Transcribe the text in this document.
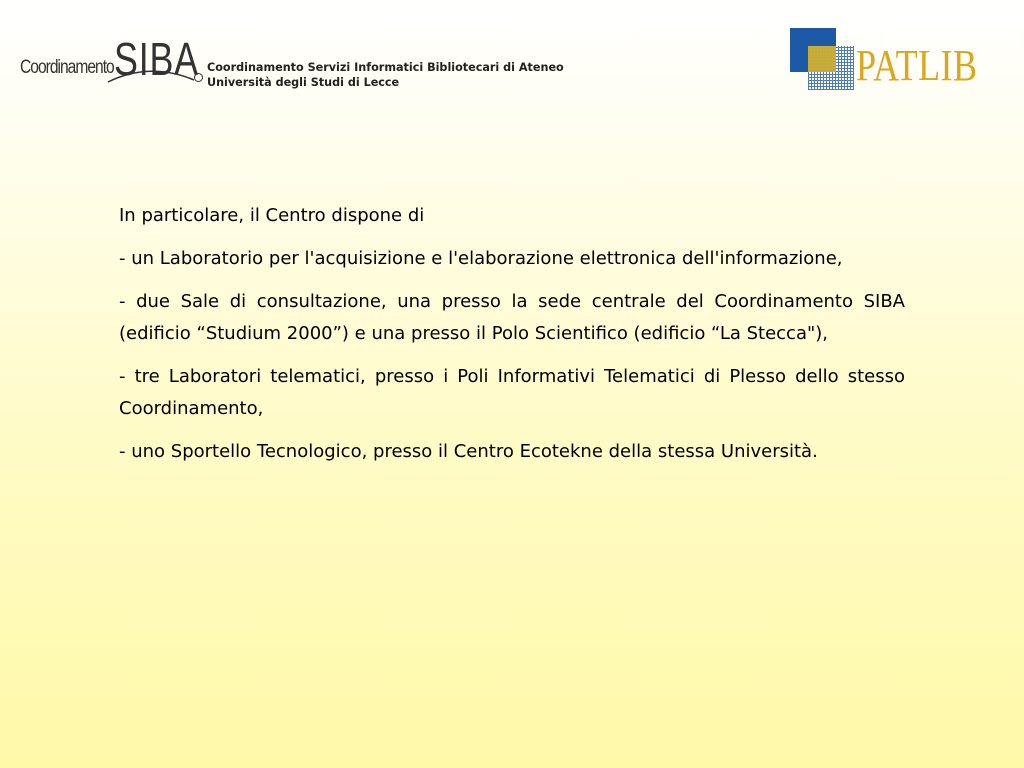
Coordinamento SIBA Coordinamento Servizi Informatici Bibliotecari di Ateneo
Università degli Studi di Lecce	PATLIB

In particolare, il Centro dispone di

- un Laboratorio per l'acquisizione e l'elaborazione elettronica dell'informazione,

- due Sale di consultazione, una presso la sede centrale del Coordinamento SIBA (edificio “Studium 2000”) e una presso il Polo Scientifico (edificio “La Stecca"),

- tre Laboratori telematici, presso i Poli Informativi Telematici di Plesso dello stesso Coordinamento,

- uno Sportello Tecnologico, presso il Centro Ecotekne della stessa Università.
